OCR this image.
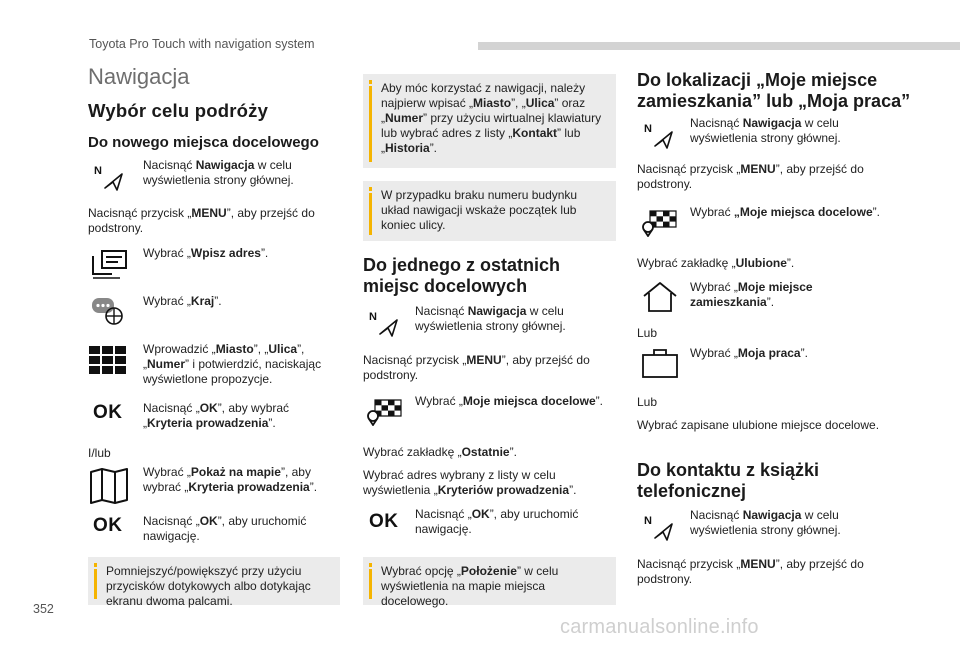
Toyota Pro Touch with navigation system
352
carmanualsonline.info
Nawigacja
Wybór celu podróży
Do nowego miejsca docelowego
N	Nacisnąć Nawigacja w celu wyświetlenia strony głównej.
Nacisnąć przycisk „MENU”, aby przejść do podstrony.
Wybrać „Wpisz adres”.
Wybrać „Kraj”.
Wprowadzić „Miasto”, „Ulica”, „Numer” i potwierdzić, naciskając wyświetlone propozycje.
OK Nacisnąć „OK”, aby wybrać „Kryteria prowadzenia”.
I/lub
Wybrać „Pokaż na mapie”, aby wybrać „Kryteria prowadzenia”.
OK Nacisnąć „OK”, aby uruchomić nawigację.
Pomniejszyć/powiększyć przy użyciu przycisków dotykowych albo dotykając ekranu dwoma palcami.
Aby móc korzystać z nawigacji, należy najpierw wpisać „Miasto”, „Ulica” oraz „Numer” przy użyciu wirtualnej klawiatury lub wybrać adres z listy „Kontakt” lub „Historia”.
W przypadku braku numeru budynku układ nawigacji wskaże początek lub koniec ulicy.
Do jednego z ostatnich
miejsc docelowych
N	Nacisnąć Nawigacja w celu wyświetlenia strony głównej.
Nacisnąć przycisk „MENU”, aby przejść do podstrony.
Wybrać „Moje miejsca docelowe”.
Wybrać zakładkę „Ostatnie”.
Wybrać adres wybrany z listy w celu wyświetlenia „Kryteriów prowadzenia”.
OK Nacisnąć „OK”, aby uruchomić nawigację.
Wybrać opcję „Położenie” w celu wyświetlenia na mapie miejsca docelowego.
Do lokalizacji „Moje miejsce
zamieszkania” lub „Moja praca”
N	Nacisnąć Nawigacja w celu wyświetlenia strony głównej.
Nacisnąć przycisk „MENU”, aby przejść do podstrony.
Wybrać „Moje miejsca docelowe”.
Wybrać zakładkę „Ulubione”.
Wybrać „Moje miejsce zamieszkania”.
Lub
Wybrać „Moja praca”.
Lub
Wybrać zapisane ulubione miejsce docelowe.
Do kontaktu z książki
telefonicznej
N	Nacisnąć Nawigacja w celu wyświetlenia strony głównej.
Nacisnąć przycisk „MENU”, aby przejść do podstrony.
